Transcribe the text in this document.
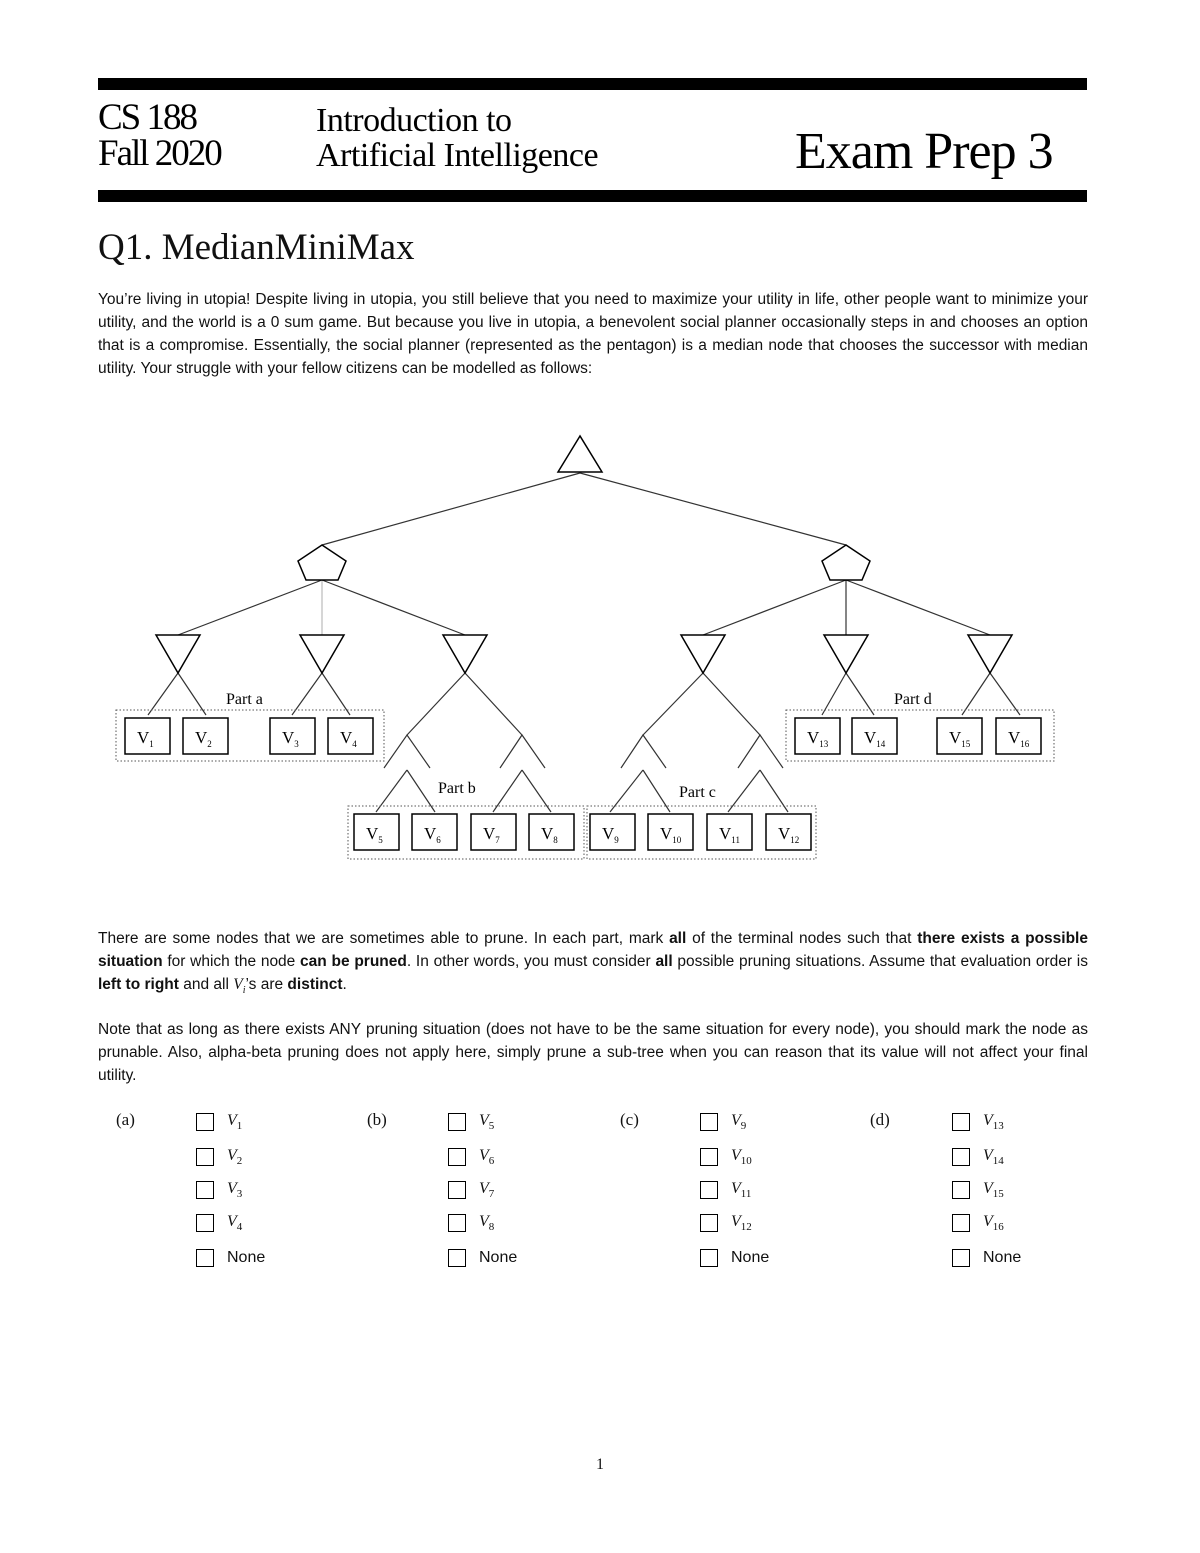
CS 188
Fall 2020
Introduction to
Artificial Intelligence	Exam Prep 3
Q1. MedianMiniMax
You’re living in utopia! Despite living in utopia, you still believe that you need to maximize your utility in life, other people want to minimize your utility, and the world is a 0 sum game. But because you live in utopia, a benevolent social planner occasionally steps in and chooses an option that is a compromise. Essentially, the social planner (represented as the pentagon) is a median node that chooses the successor with median utility. Your struggle with your fellow citizens can be modelled as follows:
Part a
Part b	Part c
Part d
$V_1$ $V_2$	$V_3$ $V_4$
$V_5$ $V_6$ $V_7$ $V_8$	$V_9$ $V_{10}$ $V_{11}$ $V_{12}$
$V_{13}$ $V_{14}$	$V_{15}$ $V_{16}$
There are some nodes that we are sometimes able to prune. In each part, mark all of the terminal nodes such that there exists a possible situation for which the node can be pruned. In other words, you must consider all possible pruning situations. Assume that evaluation order is left to right and all $V_i’s$ are distinct.
Note that as long as there exists ANY pruning situation (does not have to be the same situation for every node), you should mark the node as prunable. Also, alpha-beta pruning does not apply here, simply prune a sub-tree when you can reason that its value will not affect your final utility.
(a)	$V_1$
$V_2$
$V_3$
$V_4$
None
(b)	$V_5$
$V_6$
$V_7$
$V_8$
None
(c)	$V_9$
$V_{10}$
$V_{11}$
$V_{12}$
None
(d)	$V_{13}$
$V_{14}$
$V_{15}$
$V_{16}$
None
1
